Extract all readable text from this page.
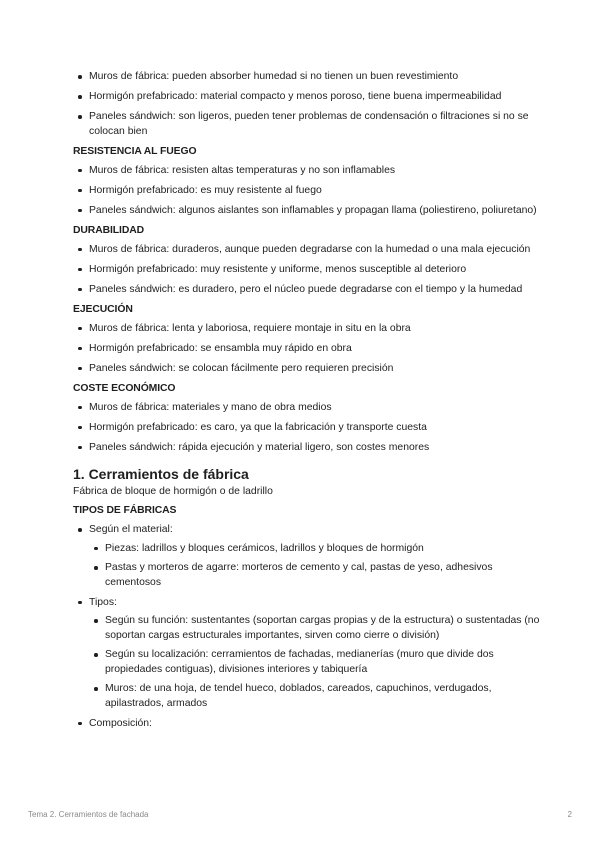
Muros de fábrica: pueden absorber humedad si no tienen un buen revestimiento
Hormigón prefabricado: material compacto y menos poroso, tiene buena impermeabilidad
Paneles sándwich: son ligeros, pueden tener problemas de condensación o filtraciones si no se colocan bien
RESISTENCIA AL FUEGO
Muros de fábrica: resisten altas temperaturas y no son inflamables
Hormigón prefabricado: es muy resistente al fuego
Paneles sándwich: algunos aislantes son inflamables y propagan llama (poliestireno, poliuretano)
DURABILIDAD
Muros de fábrica: duraderos, aunque pueden degradarse con la humedad o una mala ejecución
Hormigón prefabricado: muy resistente y uniforme, menos susceptible al deterioro
Paneles sándwich: es duradero, pero el núcleo puede degradarse con el tiempo y la humedad
EJECUCIÓN
Muros de fábrica: lenta y laboriosa, requiere montaje in situ en la obra
Hormigón prefabricado: se ensambla muy rápido en obra
Paneles sándwich: se colocan fácilmente pero requieren precisión
COSTE ECONÓMICO
Muros de fábrica: materiales y mano de obra medios
Hormigón prefabricado: es caro, ya que la fabricación y transporte cuesta
Paneles sándwich: rápida ejecución y material ligero, son costes menores
1. Cerramientos de fábrica
Fábrica de bloque de hormigón o de ladrillo
TIPOS DE FÁBRICAS
Según el material:
Piezas: ladrillos y bloques cerámicos, ladrillos y bloques de hormigón
Pastas y morteros de agarre: morteros de cemento y cal, pastas de yeso, adhesivos cementosos
Tipos:
Según su función: sustentantes (soportan cargas propias y de la estructura) o sustentadas (no soportan cargas estructurales importantes, sirven como cierre o división)
Según su localización: cerramientos de fachadas, medianerías (muro que divide dos propiedades contiguas), divisiones interiores y tabiquería
Muros: de una hoja, de tendel hueco, doblados, careados, capuchinos, verdugados, apilastrados, armados
Composición:
Tema 2. Cerramientos de fachada	2
